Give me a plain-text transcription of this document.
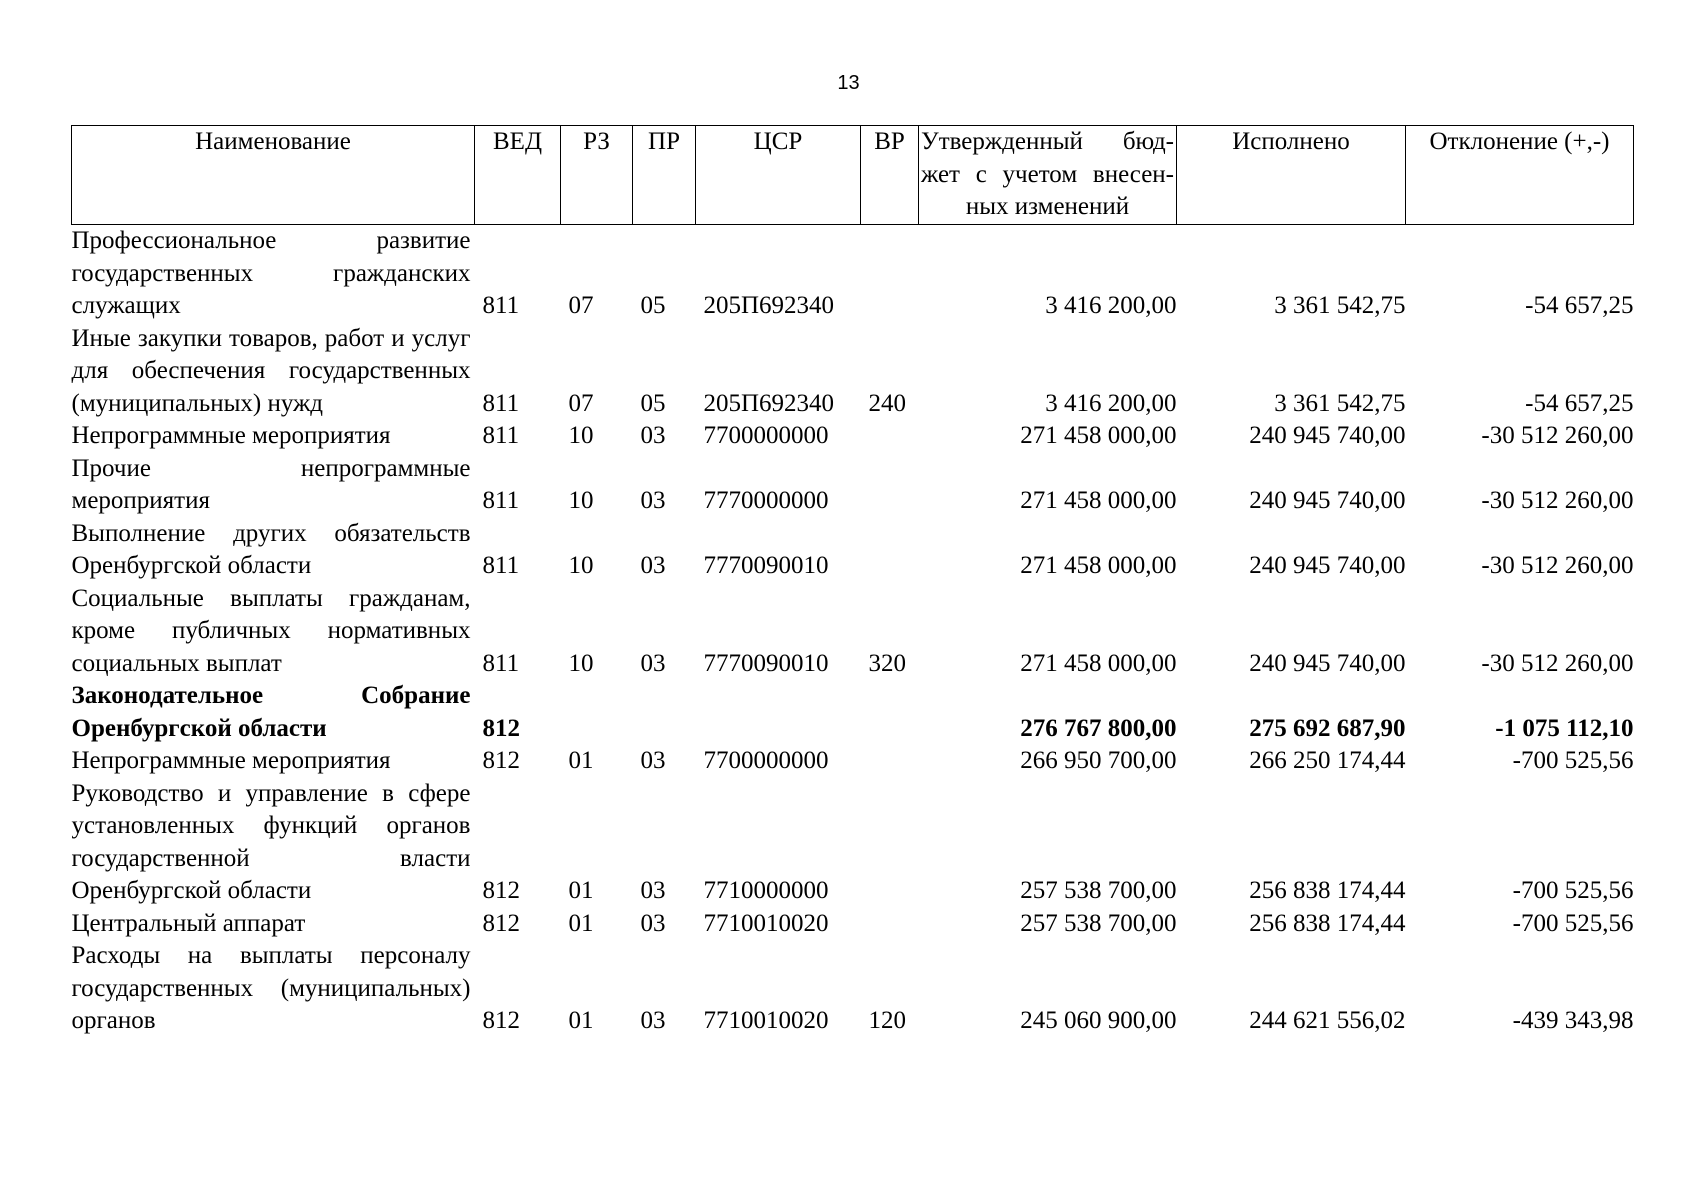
13
Наименование	ВЕД	РЗ	ПР	ЦСР	ВР	Утвержденный бюд-жет с учетом внесен-ных изменений	Исполнено	Отклонение (+,-)
Профессиональное развитие государственных гражданских служащих	811	07	05	205П692340		3 416 200,00	3 361 542,75	-54 657,25
Иные закупки товаров, работ и услуг для обеспечения государственных (муниципальных) нужд	811	07	05	205П692340	240	3 416 200,00	3 361 542,75	-54 657,25
Непрограммные мероприятия	811	10	03	7700000000		271 458 000,00	240 945 740,00	-30 512 260,00
Прочие непрограммные мероприятия	811	10	03	7770000000		271 458 000,00	240 945 740,00	-30 512 260,00
Выполнение других обязательств Оренбургской области	811	10	03	7770090010		271 458 000,00	240 945 740,00	-30 512 260,00
Социальные выплаты гражданам, кроме публичных нормативных социальных выплат	811	10	03	7770090010	320	271 458 000,00	240 945 740,00	-30 512 260,00
Законодательное Собрание Оренбургской области	812					276 767 800,00	275 692 687,90	-1 075 112,10
Непрограммные мероприятия	812	01	03	7700000000		266 950 700,00	266 250 174,44	-700 525,56
Руководство и управление в сфере установленных функций органов государственной власти Оренбургской области	812	01	03	7710000000		257 538 700,00	256 838 174,44	-700 525,56
Центральный аппарат	812	01	03	7710010020		257 538 700,00	256 838 174,44	-700 525,56
Расходы на выплаты персоналу государственных (муниципальных) органов	812	01	03	7710010020	120	245 060 900,00	244 621 556,02	-439 343,98
